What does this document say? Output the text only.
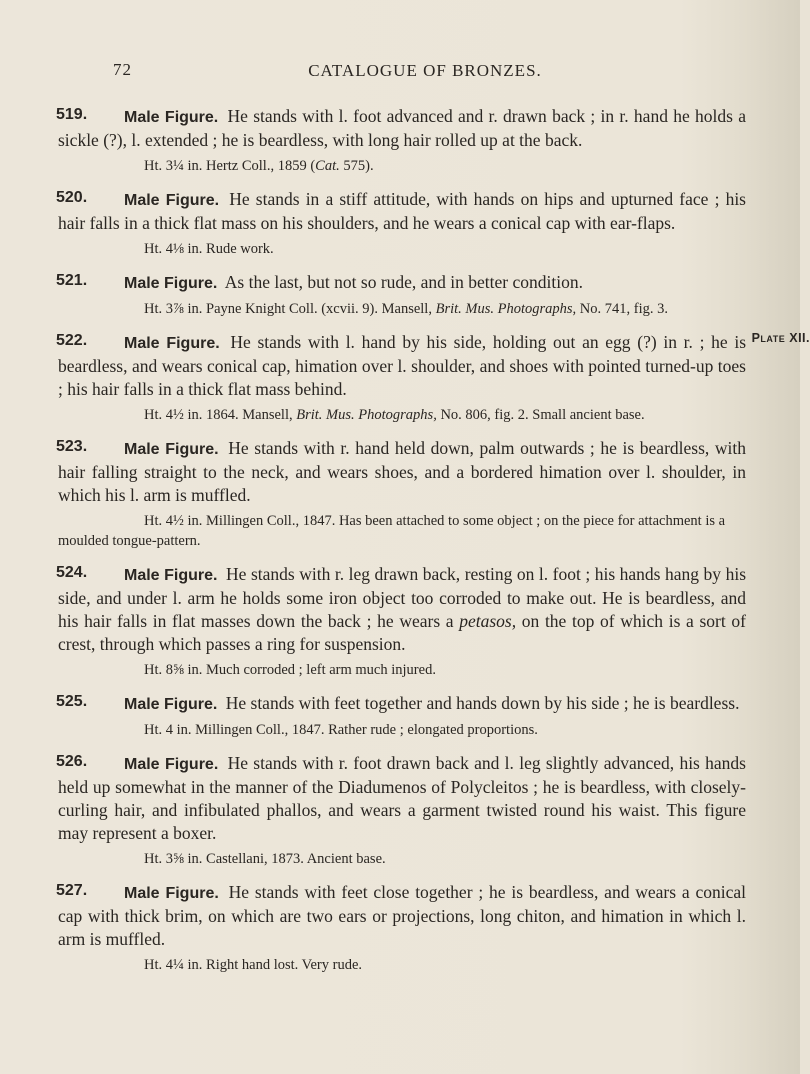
72	CATALOGUE OF BRONZES.
519.	Male Figure. He stands with l. foot advanced and r. drawn back ; in r. hand he holds a sickle (?), l. extended ; he is beardless, with long hair rolled up at the back.
Ht. 3¼ in. Hertz Coll., 1859 (Cat. 575).
520.	Male Figure. He stands in a stiff attitude, with hands on hips and upturned face ; his hair falls in a thick flat mass on his shoulders, and he wears a conical cap with ear-flaps.
Ht. 4⅛ in. Rude work.
521.	Male Figure. As the last, but not so rude, and in better condition.
Ht. 3⅞ in. Payne Knight Coll. (xcvii. 9). Mansell, Brit. Mus. Photographs, No. 741, fig. 3.
522.	Plate XII.
Male Figure. He stands with l. hand by his side, holding out an egg (?) in r. ; he is beardless, and wears conical cap, himation over l. shoulder, and shoes with pointed turned-up toes ; his hair falls in a thick flat mass behind.
Ht. 4½ in. 1864. Mansell, Brit. Mus. Photographs, No. 806, fig. 2. Small ancient base.
523.	Male Figure. He stands with r. hand held down, palm outwards ; he is beardless, with hair falling straight to the neck, and wears shoes, and a bordered himation over l. shoulder, in which his l. arm is muffled.
Ht. 4½ in. Millingen Coll., 1847. Has been attached to some object ; on the piece for attachment is a moulded tongue-pattern.
524.	Male Figure. He stands with r. leg drawn back, resting on l. foot ; his hands hang by his side, and under l. arm he holds some iron object too corroded to make out. He is beardless, and his hair falls in flat masses down the back ; he wears a petasos, on the top of which is a sort of crest, through which passes a ring for suspension.
Ht. 8⅝ in. Much corroded ; left arm much injured.
525.	Male Figure. He stands with feet together and hands down by his side ; he is beardless.
Ht. 4 in. Millingen Coll., 1847. Rather rude ; elongated proportions.
526.	Male Figure. He stands with r. foot drawn back and l. leg slightly advanced, his hands held up somewhat in the manner of the Diadumenos of Polycleitos ; he is beardless, with closely-curling hair, and infibulated phallos, and wears a garment twisted round his waist. This figure may represent a boxer.
Ht. 3⅝ in. Castellani, 1873. Ancient base.
527.	Male Figure. He stands with feet close together ; he is beardless, and wears a conical cap with thick brim, on which are two ears or projections, long chiton, and himation in which l. arm is muffled.
Ht. 4¼ in. Right hand lost. Very rude.
